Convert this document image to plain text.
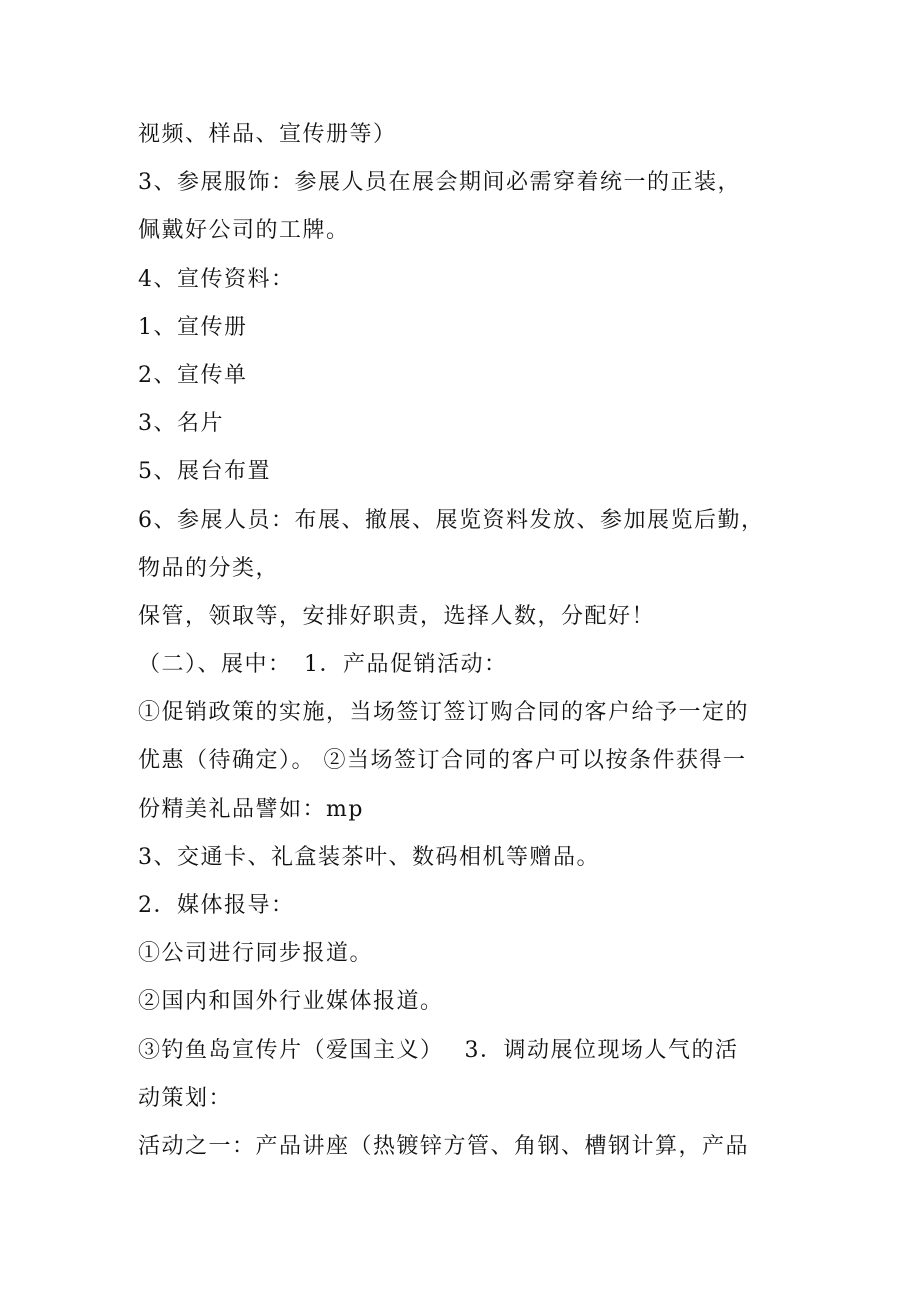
视频、样品、宣传册等）
3、参展服饰：参展人员在展会期间必需穿着统一的正装，
佩戴好公司的工牌。
4、宣传资料：
1、宣传册
2、宣传单
3、名片
5、展台布置
6、参展人员：布展、撤展、展览资料发放、参加展览后勤，
物品的分类，
保管，领取等，安排好职责，选择人数，分配好！
（二）、展中：　1．产品促销活动：
①促销政策的实施，当场签订签订购合同的客户给予一定的
优惠（待确定）。 ②当场签订合同的客户可以按条件获得一
份精美礼品譬如：mp
3、交通卡、礼盒装茶叶、数码相机等赠品。
2．媒体报导：
①公司进行同步报道。
②国内和国外行业媒体报道。
③钓鱼岛宣传片（爱国主义）　 3．调动展位现场人气的活
动策划：
活动之一：产品讲座（热镀锌方管、角钢、槽钢计算，产品
